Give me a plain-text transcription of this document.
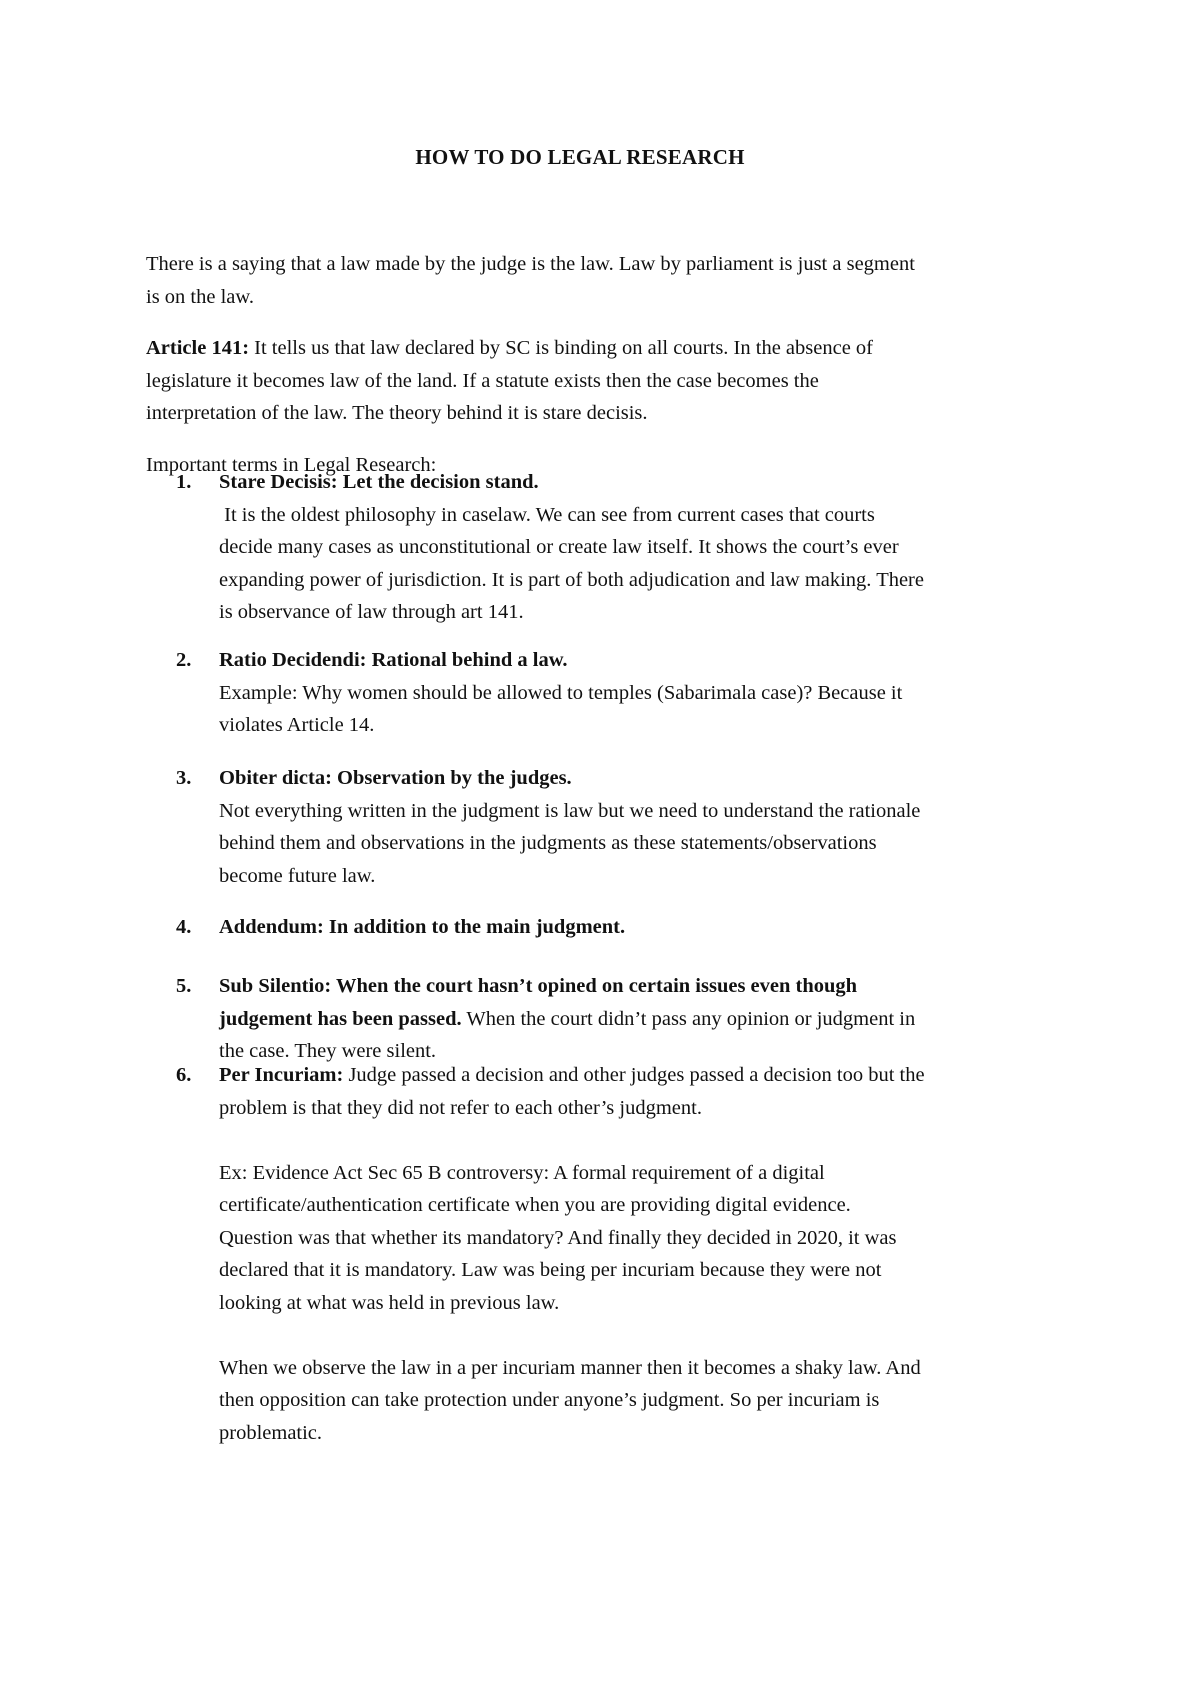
HOW TO DO LEGAL RESEARCH
There is a saying that a law made by the judge is the law. Law by parliament is just a segment
is on the law.
Article 141: It tells us that law declared by SC is binding on all courts. In the absence of
legislature it becomes law of the land. If a statute exists then the case becomes the
interpretation of the law. The theory behind it is stare decisis.
Important terms in Legal Research:
1. Stare Decisis: Let the decision stand.
It is the oldest philosophy in caselaw. We can see from current cases that courts
decide many cases as unconstitutional or create law itself. It shows the court’s ever
expanding power of jurisdiction. It is part of both adjudication and law making. There
is observance of law through art 141.
2. Ratio Decidendi: Rational behind a law.
Example: Why women should be allowed to temples (Sabarimala case)? Because it
violates Article 14.
3. Obiter dicta: Observation by the judges.
Not everything written in the judgment is law but we need to understand the rationale
behind them and observations in the judgments as these statements/observations
become future law.
4. Addendum: In addition to the main judgment.
5. Sub Silentio: When the court hasn’t opined on certain issues even though
judgement has been passed. When the court didn’t pass any opinion or judgment in
the case. They were silent.
6. Per Incuriam: Judge passed a decision and other judges passed a decision too but the
problem is that they did not refer to each other’s judgment.
Ex: Evidence Act Sec 65 B controversy: A formal requirement of a digital
certificate/authentication certificate when you are providing digital evidence.
Question was that whether its mandatory? And finally they decided in 2020, it was
declared that it is mandatory. Law was being per incuriam because they were not
looking at what was held in previous law.
When we observe the law in a per incuriam manner then it becomes a shaky law. And
then opposition can take protection under anyone’s judgment. So per incuriam is
problematic.
